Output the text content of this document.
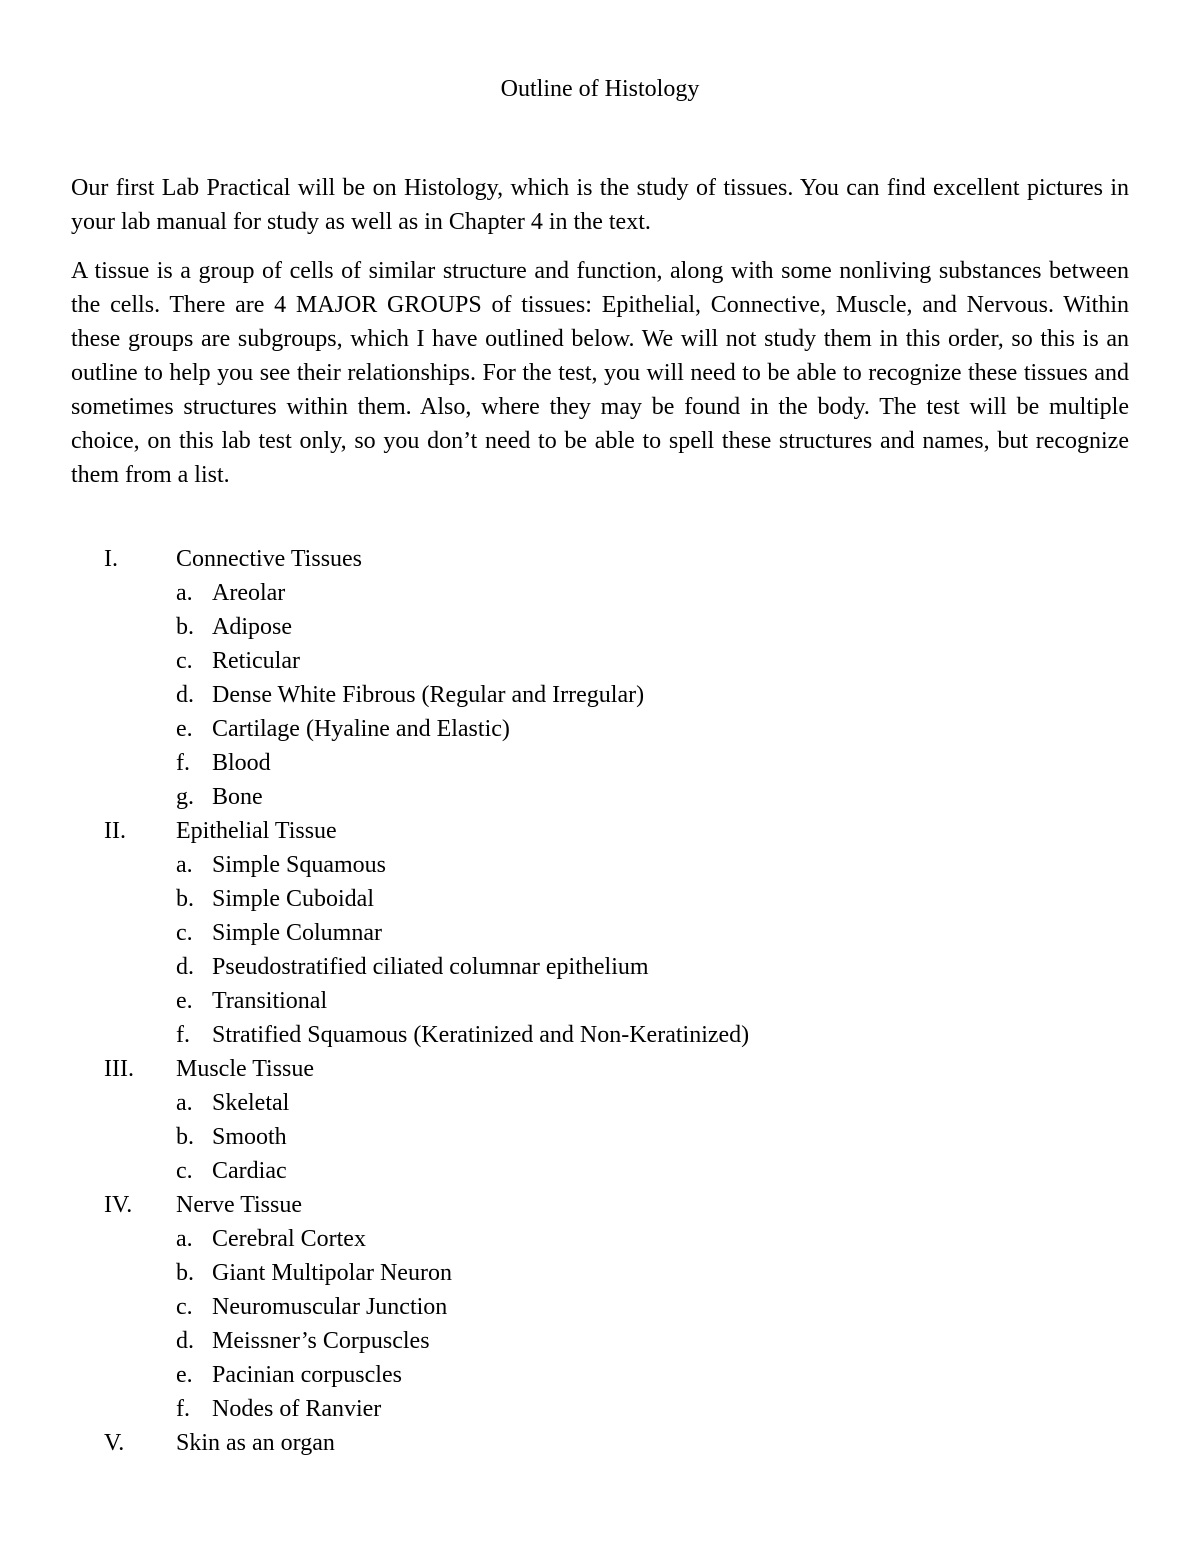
Outline of Histology

Our first Lab Practical will be on Histology, which is the study of tissues. You can find excellent pictures in your lab manual for study as well as in Chapter 4 in the text.

A tissue is a group of cells of similar structure and function, along with some nonliving substances between the cells. There are 4 MAJOR GROUPS of tissues: Epithelial, Connective, Muscle, and Nervous. Within these groups are subgroups, which I have outlined below. We will not study them in this order, so this is an outline to help you see their relationships. For the test, you will need to be able to recognize these tissues and sometimes structures within them. Also, where they may be found in the body. The test will be multiple choice, on this lab test only, so you don’t need to be able to spell these structures and names, but recognize them from a list.

I. Connective Tissues
a. Areolar
b. Adipose
c. Reticular
d. Dense White Fibrous (Regular and Irregular)
e. Cartilage (Hyaline and Elastic)
f. Blood
g. Bone
II. Epithelial Tissue
a. Simple Squamous
b. Simple Cuboidal
c. Simple Columnar
d. Pseudostratified ciliated columnar epithelium
e. Transitional
f. Stratified Squamous (Keratinized and Non-Keratinized)
III. Muscle Tissue
a. Skeletal
b. Smooth
c. Cardiac
IV. Nerve Tissue
a. Cerebral Cortex
b. Giant Multipolar Neuron
c. Neuromuscular Junction
d. Meissner’s Corpuscles
e. Pacinian corpuscles
f. Nodes of Ranvier
V. Skin as an organ
